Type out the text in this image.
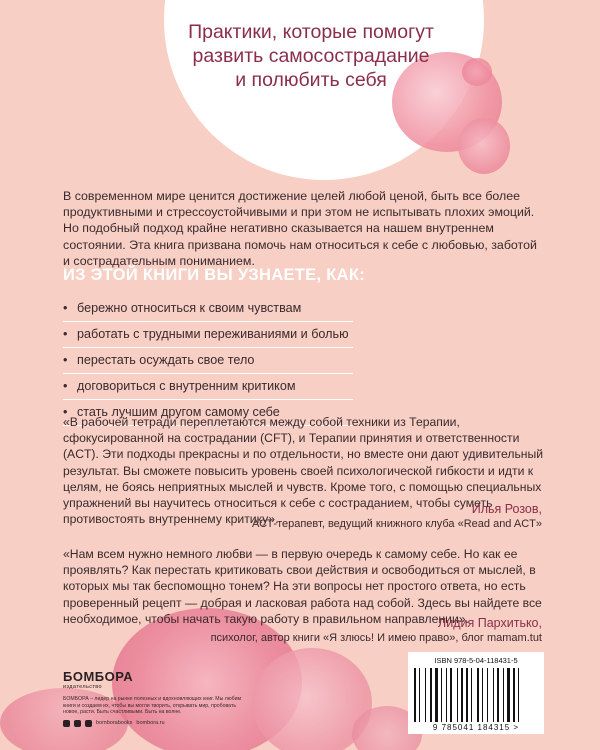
Практики, которые помогут развить самосострадание и полюбить себя

В современном мире ценится достижение целей любой ценой, быть все более продуктивными и стрессоустойчивыми и при этом не испытывать плохих эмоций. Но подобный подход крайне негативно сказывается на нашем внутреннем состоянии. Эта книга призвана помочь нам относиться к себе с любовью, заботой и сострадательным пониманием.

ИЗ ЭТОЙ КНИГИ ВЫ УЗНАЕТЕ, КАК:
• бережно относиться к своим чувствам
• работать с трудными переживаниями и болью
• перестать осуждать свое тело
• договориться с внутренним критиком
• стать лучшим другом самому себе

«В рабочей тетради переплетаются между собой техники из Терапии, сфокусированной на сострадании (CFT), и Терапии принятия и ответственности (ACT). Эти подходы прекрасны и по отдельности, но вместе они дают удивительный результат. Вы сможете повысить уровень своей психологической гибкости и идти к целям, не боясь неприятных мыслей и чувств. Кроме того, с помощью специальных упражнений вы научитесь относиться к себе с состраданием, чтобы суметь противостоять внутреннему критику».

Илья Розов,
АСТ-терапевт, ведущий книжного клуба «Read and ACT»

«Нам всем нужно немного любви — в первую очередь к самому себе. Но как ее проявлять? Как перестать критиковать свои действия и освободиться от мыслей, в которых мы так беспомощно тонем? На эти вопросы нет простого ответа, но есть проверенный рецепт — добрая и ласковая работа над собой. Здесь вы найдете все необходимое, чтобы начать такую работу в правильном направлении».

Лидия Пархитько,
психолог, автор книги «Я злюсь! И имею право», блог mamam.tut
БОМБОРА
издательство
БОМБОРА – лидер на рынке полезных и вдохновляющих книг. Мы любим книги и создаем их, чтобы вы могли творить, открывать мир, пробовать новое, расти. Быть счастливыми. Быть на волне.
bomborabooks bombora.ru
ISBN 978-5-04-118431-5
9 785041 184315 >
